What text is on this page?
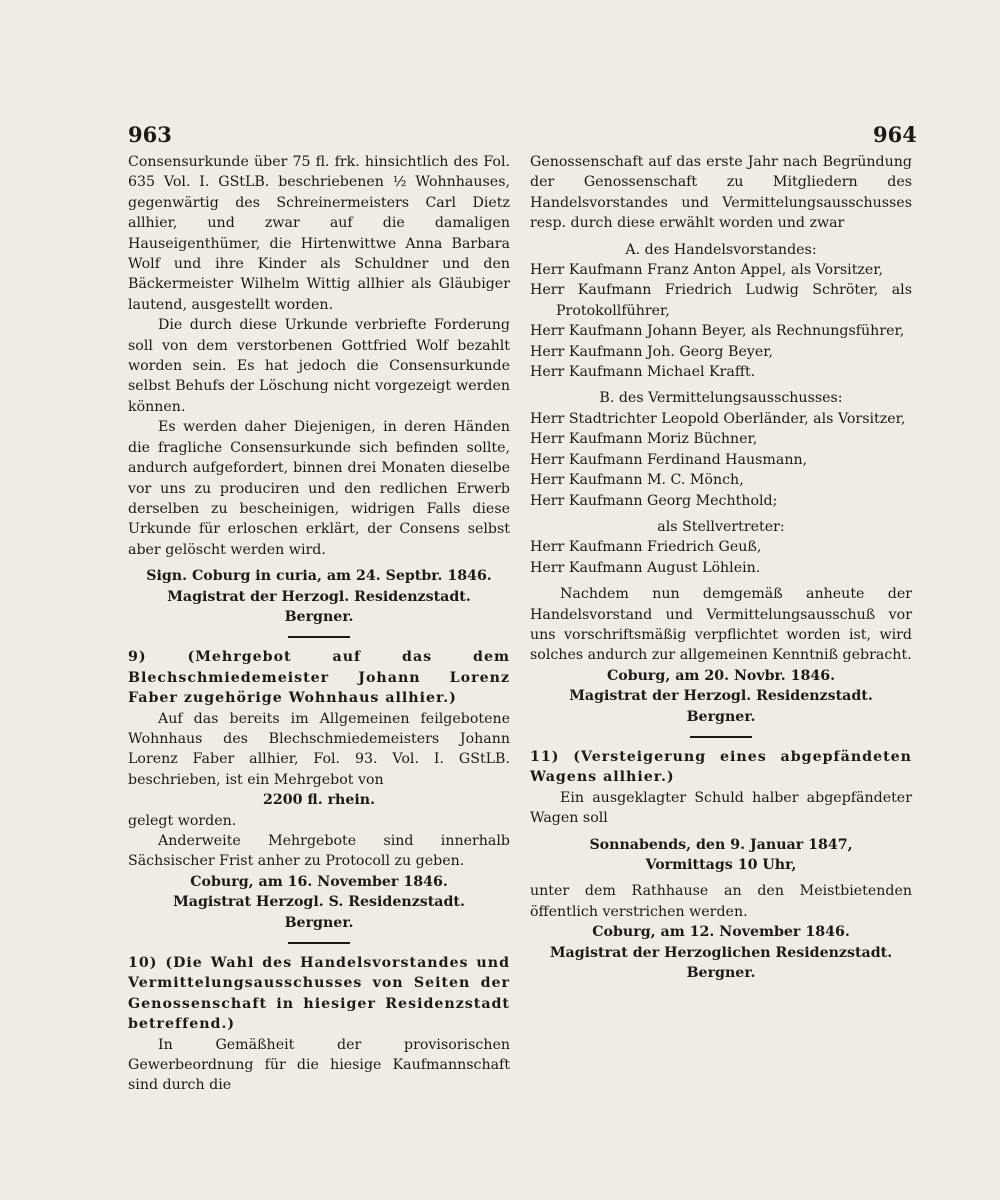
963	964

Consensurkunde über 75 fl. frk. hinsichtlich des Fol. 635 Vol. I. GStLB. beschriebenen ½ Wohnhauses, gegenwärtig des Schreinermeisters Carl Dietz allhier, und zwar auf die damaligen Hauseigenthümer, die Hirtenwittwe Anna Barbara Wolf und ihre Kinder als Schuldner und den Bäckermeister Wilhelm Wittig allhier als Gläubiger lautend, ausgestellt worden.

Die durch diese Urkunde verbriefte Forderung soll von dem verstorbenen Gottfried Wolf bezahlt worden sein. Es hat jedoch die Consensurkunde selbst Behufs der Löschung nicht vorgezeigt werden können.

Es werden daher Diejenigen, in deren Händen die fragliche Consensurkunde sich befinden sollte, andurch aufgefordert, binnen drei Monaten dieselbe vor uns zu produciren und den redlichen Erwerb derselben zu bescheinigen, widrigen Falls diese Urkunde für erloschen erklärt, der Consens selbst aber gelöscht werden wird.

Sign. Coburg in curia, am 24. Septbr. 1846.

Magistrat der Herzogl. Residenzstadt.

Bergner.

9) (Mehrgebot auf das dem Blechschmiedemeister Johann Lorenz Faber zugehörige Wohnhaus allhier.)

Auf das bereits im Allgemeinen feilgebotene Wohnhaus des Blechschmiedemeisters Johann Lorenz Faber allhier, Fol. 93. Vol. I. GStLB. beschrieben, ist ein Mehrgebot von

2200 fl. rhein.

gelegt worden.

Anderweite Mehrgebote sind innerhalb Sächsischer Frist anher zu Protocoll zu geben.

Coburg, am 16. November 1846.

Magistrat Herzogl. S. Residenzstadt.

Bergner.

10) (Die Wahl des Handelsvorstandes und Vermittelungsausschusses von Seiten der Genossenschaft in hiesiger Residenzstadt betreffend.)

In Gemäßheit der provisorischen Gewerbeordnung für die hiesige Kaufmannschaft sind durch die

Genossenschaft auf das erste Jahr nach Begründung der Genossenschaft zu Mitgliedern des Handelsvorstandes und Vermittelungsausschusses resp. durch diese erwählt worden und zwar

A. des Handelsvorstandes:

Herr Kaufmann Franz Anton Appel, als Vorsitzer,

Herr Kaufmann Friedrich Ludwig Schröter, als Protokollführer,

Herr Kaufmann Johann Beyer, als Rechnungsführer,

Herr Kaufmann Joh. Georg Beyer,

Herr Kaufmann Michael Krafft.

B. des Vermittelungsausschusses:

Herr Stadtrichter Leopold Oberländer, als Vorsitzer,

Herr Kaufmann Moriz Büchner,

Herr Kaufmann Ferdinand Hausmann,

Herr Kaufmann M. C. Mönch,

Herr Kaufmann Georg Mechthold;

als Stellvertreter:

Herr Kaufmann Friedrich Geuß,

Herr Kaufmann August Löhlein.

Nachdem nun demgemäß anheute der Handelsvorstand und Vermittelungsausschuß vor uns vorschriftsmäßig verpflichtet worden ist, wird solches andurch zur allgemeinen Kenntniß gebracht.

Coburg, am 20. Novbr. 1846.

Magistrat der Herzogl. Residenzstadt.

Bergner.

11) (Versteigerung eines abgepfändeten Wagens allhier.)

Ein ausgeklagter Schuld halber abgepfändeter Wagen soll

Sonnabends, den 9. Januar 1847,

Vormittags 10 Uhr,

unter dem Rathhause an den Meistbietenden öffentlich verstrichen werden.

Coburg, am 12. November 1846.

Magistrat der Herzoglichen Residenzstadt.

Bergner.
